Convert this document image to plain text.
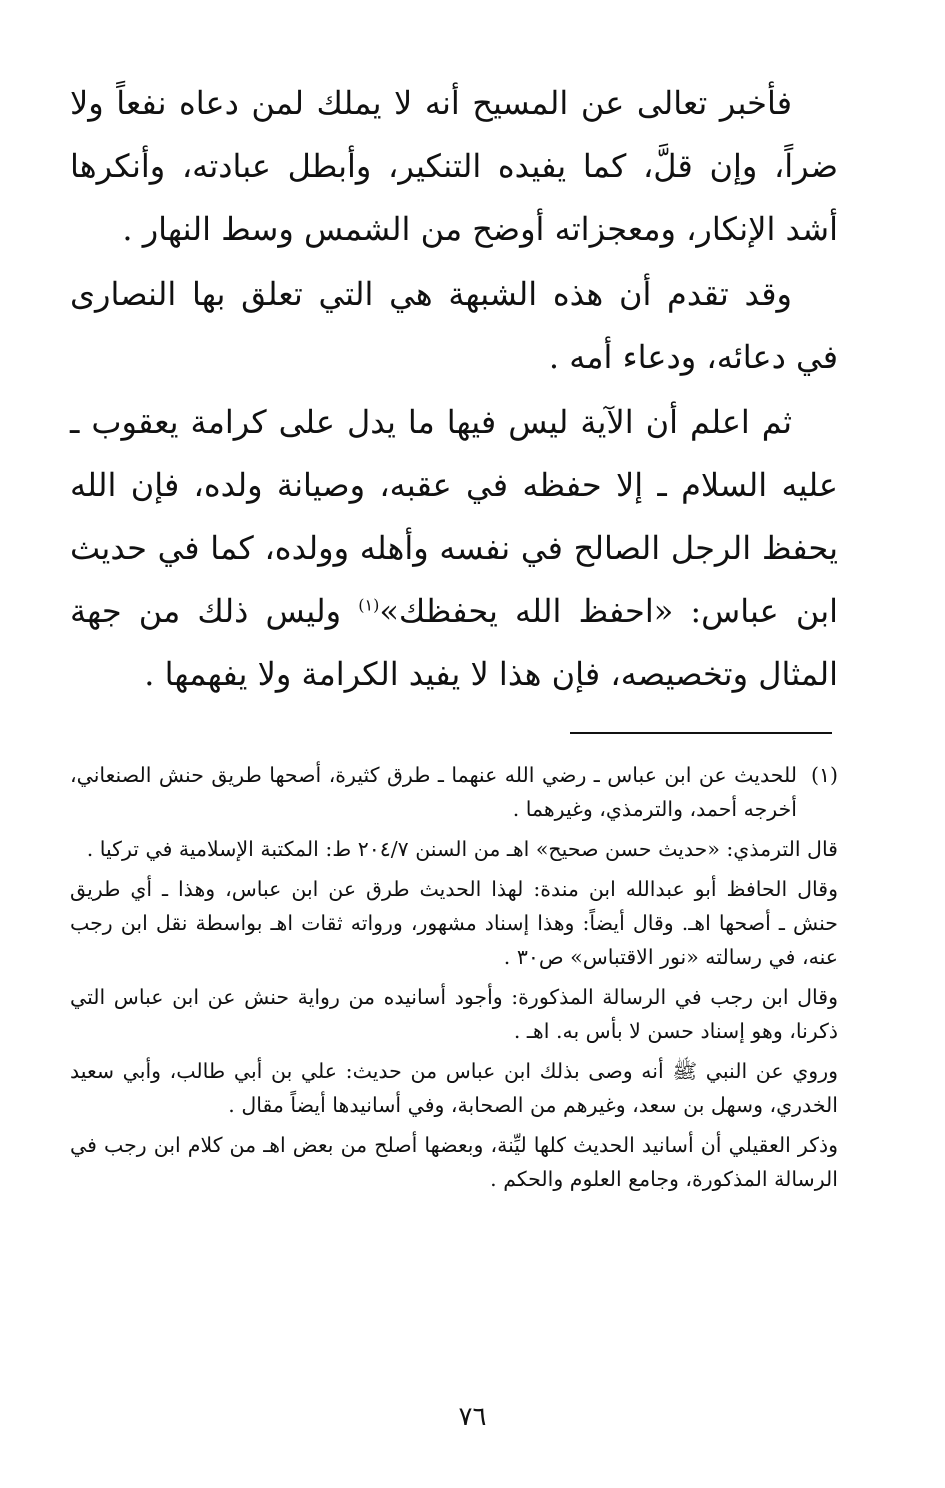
فأخبر تعالى عن المسيح أنه لا يملك لمن دعاه نفعاً ولا ضراً، وإن قلَّ، كما يفيده التنكير، وأبطل عبادته، وأنكرها أشد الإنكار، ومعجزاته أوضح من الشمس وسط النهار .

وقد تقدم أن هذه الشبهة هي التي تعلق بها النصارى في دعائه، ودعاء أمه .

ثم اعلم أن الآية ليس فيها ما يدل على كرامة يعقوب ـ عليه السلام ـ إلا حفظه في عقبه، وصيانة ولده، فإن الله يحفظ الرجل الصالح في نفسه وأهله وولده، كما في حديث ابن عباس: «احفظ الله يحفظك»$^{(١)}$ وليس ذلك من جهة المثال وتخصيصه، فإن هذا لا يفيد الكرامة ولا يفهمها .

(١)
للحديث عن ابن عباس ـ رضي الله عنهما ـ طرق كثيرة، أصحها طريق حنش الصنعاني، أخرجه أحمد، والترمذي، وغيرهما .

قال الترمذي: «حديث حسن صحيح» اهـ من السنن ٢٠٤/٧ ط: المكتبة الإسلامية في تركيا .

وقال الحافظ أبو عبدالله ابن مندة: لهذا الحديث طرق عن ابن عباس، وهذا ـ أي طريق حنش ـ أصحها اهـ. وقال أيضاً: وهذا إسناد مشهور، ورواته ثقات اهـ بواسطة نقل ابن رجب عنه، في رسالته «نور الاقتباس» ص٣٠ .

وقال ابن رجب في الرسالة المذكورة: وأجود أسانيده من رواية حنش عن ابن عباس التي ذكرنا، وهو إسناد حسن لا بأس به. اهـ .

وروي عن النبي ﷺ أنه وصى بذلك ابن عباس من حديث: علي بن أبي طالب، وأبي سعيد الخدري، وسهل بن سعد، وغيرهم من الصحابة، وفي أسانيدها أيضاً مقال .

وذكر العقيلي أن أسانيد الحديث كلها ليِّنة، وبعضها أصلح من بعض اهـ من كلام ابن رجب في الرسالة المذكورة، وجامع العلوم والحكم .

٧٦
